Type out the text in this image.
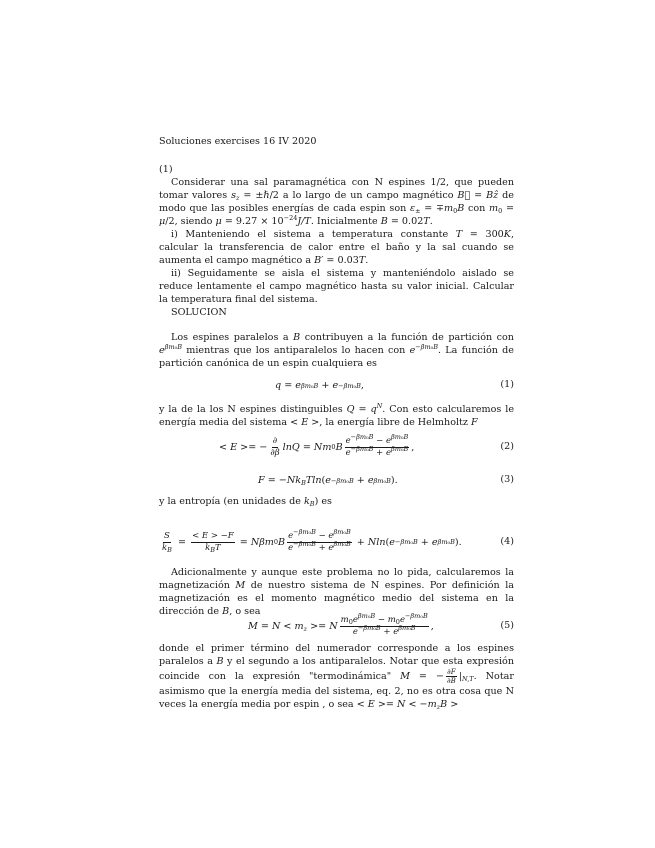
Soluciones exercises 16 IV 2020
(1)
Considerar una sal paramagnética con N espines 1/2, que pueden tomar valores $s_z$ = ±ℏ/2 a lo largo de un campo magnético B⃗ = Bẑ de modo que las posibles energías de cada espin son $\varepsilon_\pm = \mp m_0B$ con $m_0 = \mu/2$, siendo $\mu = 9.27 \times 10^{-24}J/T$. Inicialmente B = 0.02T.
i) Manteniendo el sistema a temperatura constante T = 300K, calcular la transferencia de calor entre el baño y la sal cuando se aumenta el campo magnético a B′ = 0.03T.
ii) Seguidamente se aisla el sistema y manteniéndolo aislado se reduce lentamente el campo magnético hasta su valor inicial. Calcular la temperatura final del sistema.
SOLUCION
Los espines paralelos a B contribuyen a la función de partición con $e^{\beta m_0B}$ mientras que los antiparalelos lo hacen con $e^{-\beta m_0B}$. La función de partición canónica de un espin cualquiera es
q = e βm₀B + e −βm₀B ,	(1)
y la de la los N espines distinguibles $Q = q^N$. Con esto calcularemos le energía media del sistema < E >, la energía libre de Helmholtz F
< E >= − $\frac{\partial}{\partial\beta}$ lnQ = Nm 0 B $\frac{e^{-\beta m_0B} - e^{\beta m_0B}}{e^{-\beta m_0B} + e^{\beta m_0B}}$ ,	(2)
F = − $Nk_BTln$ ( e −βm₀B + e βm₀B ).	(3)
y la entropía (en unidades de $k_B$) es
$\frac{S}{k_B} = \frac{< E > -F}{k_BT} = N\beta m$ 0 B $\frac{e^{-\beta m_0B} - e^{\beta m_0B}}{e^{-\beta m_0B} + e^{\beta m_0B}} + Nln$ ( e −βm₀B + e βm₀B ).	(4)
Adicionalmente y aunque este problema no lo pida, calcularemos la magnetización M de nuestro sistema de N espines. Por definición la magnetización es el momento magnético medio del sistema en la dirección de B, o sea
$M = N < m_z >= N \frac{m_0e^{\beta m_0B} - m_0e^{-\beta m_0B}}{e^{-\beta m_0B} + e^{\beta m_0B}}$ ,	(5)
donde el primer término del numerador corresponde a los espines paralelos a B y el segundo a los antiparalelos. Notar que esta expresión coincide con la expresión "termodinámica" M = − $\frac{\partial F}{\partial B} |_{N,T}$. Notar asimismo que la energía media del sistema, eq. 2, no es otra cosa que N veces la energía media por espin , o sea < $E >= N < -m_zB$ >
